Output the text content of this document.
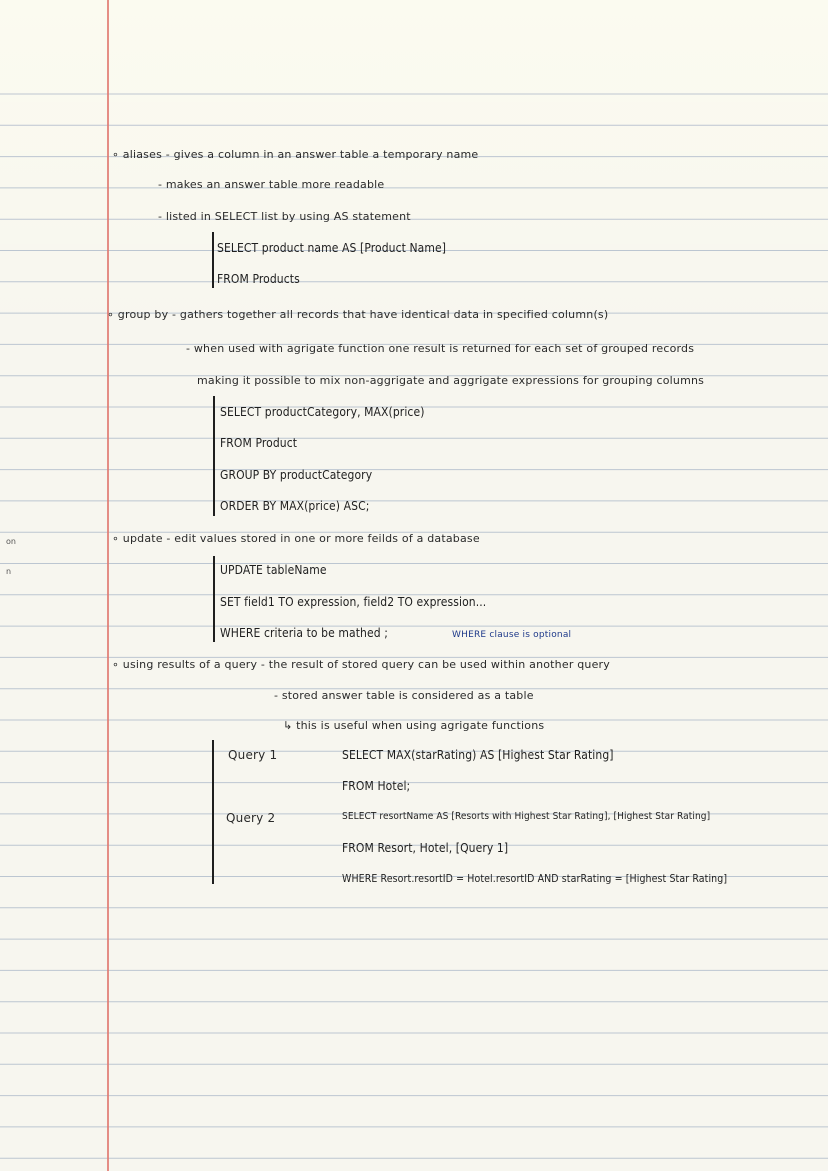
on
n
∘ aliases - gives a column in an answer table a temporary name
- makes an answer table more readable
- listed in SELECT list by using AS statement
SELECT product name AS [Product Name]
FROM Products
∘ group by - gathers together all records that have identical data in specified column(s)
- when used with agrigate function one result is returned for each set of grouped records
making it possible to mix non-aggrigate and aggrigate expressions for grouping columns
SELECT productCategory, MAX(price)
FROM Product
GROUP BY productCategory
ORDER BY MAX(price) ASC;
∘ update - edit values stored in one or more feilds of a database
UPDATE tableName
SET field1 TO expression, field2 TO expression...
WHERE criteria to be mathed ;	WHERE clause is optional
∘ using results of a query - the result of stored query can be used within another query
- stored answer table is considered as a table
↳ this is useful when using agrigate functions
Query 1	SELECT MAX(starRating) AS [Highest Star Rating]
FROM Hotel;
Query 2	SELECT resortName AS [Resorts with Highest Star Rating], [Highest Star Rating]
FROM Resort, Hotel, [Query 1]
WHERE Resort.resortID = Hotel.resortID AND starRating = [Highest Star Rating]
